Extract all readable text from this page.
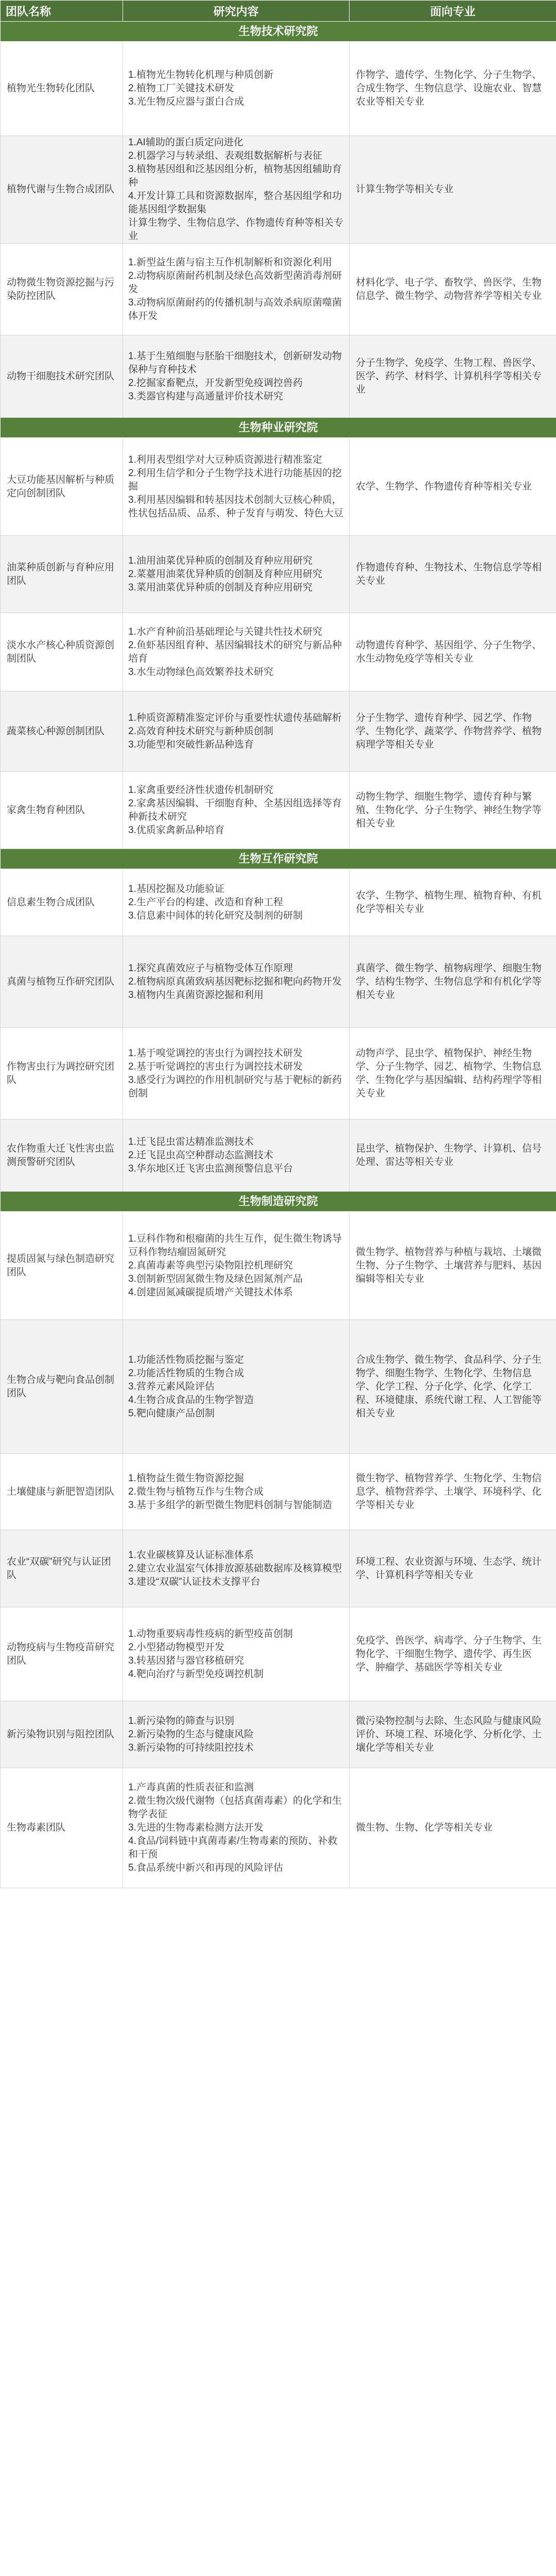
团队名称	研究内容	面向专业
生物技术研究院		
植物光生物转化团队	1.植物光生物转化机理与种质创新
2.植物工厂关键技术研发
3.光生物反应器与蛋白合成	作物学、遗传学、生物化学、分子生物学、合成生物学、生物信息学、设施农业、智慧农业等相关专业
植物代谢与生物合成团队	1.AI辅助的蛋白质定向进化
2.机器学习与转录组、表观组数据解析与表征
3.植物基因组和泛基因组分析，植物基因组辅助育种
4.开发计算工具和资源数据库，整合基因组学和功能基因组学数据集
计算生物学、生物信息学、作物遗传育种等相关专业	计算生物学等相关专业
动物微生物资源挖掘与污染防控团队	1.新型益生菌与宿主互作机制解析和资源化利用
2.动物病原菌耐药机制及绿色高效新型菌消毒剂研发
3.动物病原菌耐药的传播机制与高效杀病原菌噬菌体开发	材料化学、电子学、畜牧学、兽医学、生物信息学、微生物学、动物营养学等相关专业
动物干细胞技术研究团队	1.基于生殖细胞与胚胎干细胞技术，创新研发动物保种与育种技术
2.挖掘家畜靶点，开发新型免疫调控兽药
3.类器官构建与高通量评价技术研究	分子生物学、免疫学、生物工程、兽医学、医学、药学、材料学、计算机科学等相关专业
生物种业研究院		
大豆功能基因解析与种质定向创制团队	1.利用表型组学对大豆种质资源进行精准鉴定
2.利用生信学和分子生物学技术进行功能基因的挖掘
3.利用基因编辑和转基因技术创制大豆核心种质，性状包括品质、品系、种子发育与萌发、特色大豆	农学、生物学、作物遗传育种等相关专业
油菜种质创新与育种应用团队	1.油用油菜优异种质的创制及育种应用研究
2.菜薹用油菜优异种质的创制及育种应用研究
3.菜用油菜优异种质的创制及育种应用研究	作物遗传育种、生物技术、生物信息学等相关专业
淡水水产核心种质资源创制团队	1.水产育种前沿基础理论与关键共性技术研究
2.鱼虾基因组育种、基因编辑技术的研究与新品种培育
3.水生动物绿色高效繁养技术研究	动物遗传育种学、基因组学、分子生物学、水生动物免疫学等相关专业
蔬菜核心种源创制团队	1.种质资源精准鉴定评价与重要性状遗传基础解析
2.高效育种技术研究与新种质创制
3.功能型和突破性新品种选育	分子生物学、遗传育种学、园艺学、作物学、生物化学、蔬菜学、作物营养学、植物病理学等相关专业
家禽生物育种团队	1.家禽重要经济性状遗传机制研究
2.家禽基因编辑、干细胞育种、全基因组选择等育种新技术研究
3.优质家禽新品种培育	动物生物学、细胞生物学、遗传育种与繁殖、生物化学、分子生物学、神经生物学等相关专业
生物互作研究院		
信息素生物合成团队	1.基因挖掘及功能验证
2.生产平台的构建、改造和育种工程
3.信息素中间体的转化研究及制剂的研制	农学、生物学、植物生理、植物育种、有机化学等相关专业
真菌与植物互作研究团队	1.探究真菌效应子与植物受体互作原理
2.植物病原真菌致病基因靶标挖掘和靶向药物开发
3.植物内生真菌资源挖掘和利用	真菌学、微生物学、植物病理学、细胞生物学、结构生物学、生物信息学和有机化学等相关专业
作物害虫行为调控研究团队	1.基于嗅觉调控的害虫行为调控技术研发
2.基于听觉调控的害虫行为调控技术研发
3.感受行为调控的作用机制研究与基于靶标的新药创制	动物声学、昆虫学、植物保护、神经生物学、分子生物学、园艺、植物学、生物信息学、生物化学与基因编辑、结构药理学等相关专业
农作物重大迁飞性害虫监测预警研究团队	1.迁飞昆虫雷达精准监测技术
2.迁飞昆虫高空种群动态监测技术
3.华东地区迁飞害虫监测预警信息平台	昆虫学、植物保护、生物学、计算机、信号处理、雷达等相关专业
生物制造研究院		
提质固氮与绿色制造研究团队	1.豆科作物和根瘤菌的共生互作，促生微生物诱导豆科作物结瘤固氮研究
2.真菌毒素等典型污染物阻控机理研究
3.创制新型固氮微生物及绿色固氮剂产品
4.创建固氮减碳提质增产关键技术体系	微生物学、植物营养与种植与栽培、土壤微生物、分子生物学、土壤营养与肥料、基因编辑等相关专业
生物合成与靶向食品创制团队	1.功能活性物质挖掘与鉴定
2.功能活性物质的生物合成
3.营养元素风险评估
4.生物合成食品的生物学智造
5.靶向健康产品创制	合成生物学、微生物学、食品科学、分子生物学、细胞生物学、生物化学、生物信息学、化学工程、分子化学、化学、化学工程、环境健康、系统代谢工程、人工智能等相关专业
土壤健康与新肥智造团队	1.植物益生微生物资源挖掘
2.微生物与植物互作与生物合成
3.基于多组学的新型微生物肥料创制与智能制造	微生物学、植物营养学、生物化学、生物信息学、植物营养学、土壤学、环境科学、化学等相关专业
农业“双碳”研究与认证团队	1.农业碳核算及认证标准体系
2.建立农业温室气体排放源基础数据库及核算模型
3.建设“双碳”认证技术支撑平台	环境工程、农业资源与环境、生态学、统计学、计算机科学等相关专业
动物疫病与生物疫苗研究团队	1.动物重要病毒性疫病的新型疫苗创制
2.小型猪动物模型开发
3.转基因猪与器官移植研究
4.靶向治疗与新型免疫调控机制	免疫学、兽医学、病毒学、分子生物学、生物化学、干细胞生物学、遗传学、再生医学、肿瘤学、基础医学等相关专业
新污染物识别与阻控团队	1.新污染物的筛查与识别
2.新污染物的生态与健康风险
3.新污染物的可持续阻控技术	微污染物控制与去除、生态风险与健康风险评价、环境工程、环境化学、分析化学、土壤化学等相关专业
生物毒素团队	1.产毒真菌的性质表征和监测
2.微生物次级代谢物（包括真菌毒素）的化学和生物学表征
3.先进的生物毒素检测方法开发
4.食品/饲料链中真菌毒素/生物毒素的预防、补救和干预
5.食品系统中新兴和再现的风险评估	微生物、生物、化学等相关专业
